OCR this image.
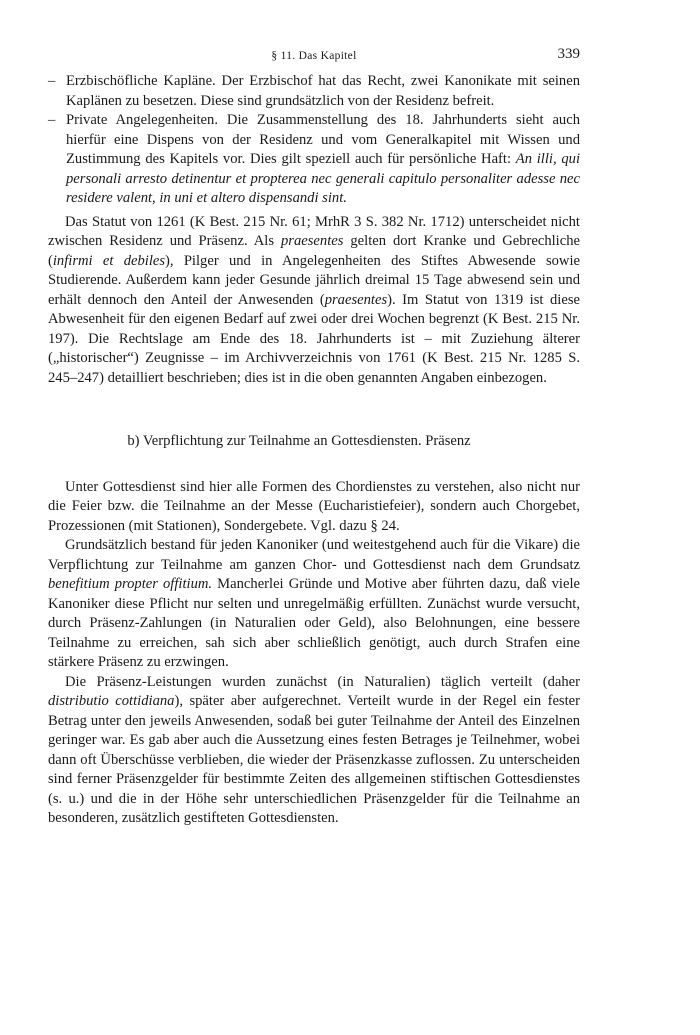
§ 11. Das Kapitel	339
– Erzbischöfliche Kapläne. Der Erzbischof hat das Recht, zwei Kanonikate mit seinen Kaplänen zu besetzen. Diese sind grundsätzlich von der Residenz befreit.
– Private Angelegenheiten. Die Zusammenstellung des 18. Jahrhunderts sieht auch hierfür eine Dispens von der Residenz und vom Generalkapitel mit Wissen und Zustimmung des Kapitels vor. Dies gilt speziell auch für persönliche Haft: An illi, qui personali arresto detinentur et propterea nec generali capitulo personaliter adesse nec residere valent, in uni et altero dispensandi sint.

Das Statut von 1261 (K Best. 215 Nr. 61; MrhR 3 S. 382 Nr. 1712) unterscheidet nicht zwischen Residenz und Präsenz. Als praesentes gelten dort Kranke und Gebrechliche (infirmi et debiles), Pilger und in Angelegenheiten des Stiftes Abwesende sowie Studierende. Außerdem kann jeder Gesunde jährlich dreimal 15 Tage abwesend sein und erhält dennoch den Anteil der Anwesenden (praesentes). Im Statut von 1319 ist diese Abwesenheit für den eigenen Bedarf auf zwei oder drei Wochen begrenzt (K Best. 215 Nr. 197). Die Rechtslage am Ende des 18. Jahrhunderts ist – mit Zuziehung älterer („historischer“) Zeugnisse – im Archivverzeichnis von 1761 (K Best. 215 Nr. 1285 S. 245–247) detailliert beschrieben; dies ist in die oben genannten Angaben einbezogen.

b) Verpflichtung zur Teilnahme an Gottesdiensten. Präsenz

Unter Gottesdienst sind hier alle Formen des Chordienstes zu verstehen, also nicht nur die Feier bzw. die Teilnahme an der Messe (Eucharistiefeier), sondern auch Chorgebet, Prozessionen (mit Stationen), Sondergebete. Vgl. dazu § 24.

Grundsätzlich bestand für jeden Kanoniker (und weitestgehend auch für die Vikare) die Verpflichtung zur Teilnahme am ganzen Chor- und Gottesdienst nach dem Grundsatz benefitium propter offitium. Mancherlei Gründe und Motive aber führten dazu, daß viele Kanoniker diese Pflicht nur selten und unregelmäßig erfüllten. Zunächst wurde versucht, durch Präsenz-Zahlungen (in Naturalien oder Geld), also Belohnungen, eine bessere Teilnahme zu erreichen, sah sich aber schließlich genötigt, auch durch Strafen eine stärkere Präsenz zu erzwingen.

Die Präsenz-Leistungen wurden zunächst (in Naturalien) täglich verteilt (daher distributio cottidiana), später aber aufgerechnet. Verteilt wurde in der Regel ein fester Betrag unter den jeweils Anwesenden, sodaß bei guter Teilnahme der Anteil des Einzelnen geringer war. Es gab aber auch die Aussetzung eines festen Betrages je Teilnehmer, wobei dann oft Überschüsse verblieben, die wieder der Präsenzkasse zuflossen. Zu unterscheiden sind ferner Präsenzgelder für bestimmte Zeiten des allgemeinen stiftischen Gottesdienstes (s. u.) und die in der Höhe sehr unterschiedlichen Präsenzgelder für die Teilnahme an besonderen, zusätzlich gestifteten Gottesdiensten.
